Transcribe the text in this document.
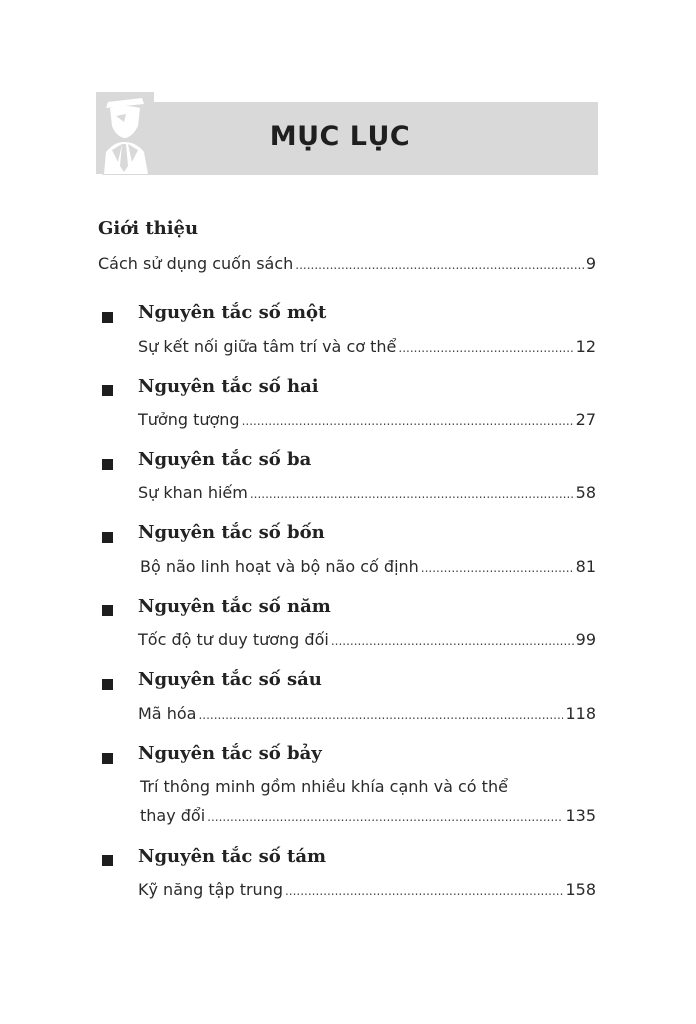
MỤC LỤC
Giới thiệu
Cách sử dụng cuốn sách .....	9
Nguyên tắc số một
Sự kết nối giữa tâm trí và cơ thể .....	12
Nguyên tắc số hai
Tưởng tượng .....	27
Nguyên tắc số ba
Sự khan hiếm .....	58
Nguyên tắc số bốn
Bộ não linh hoạt và bộ não cố định .....	81
Nguyên tắc số năm
Tốc độ tư duy tương đối .....	99
Nguyên tắc số sáu
Mã hóa .....	118
Nguyên tắc số bảy
Trí thông minh gồm nhiều khía cạnh và có thể
thay đổi .....	135
Nguyên tắc số tám
Kỹ năng tập trung .....	158
